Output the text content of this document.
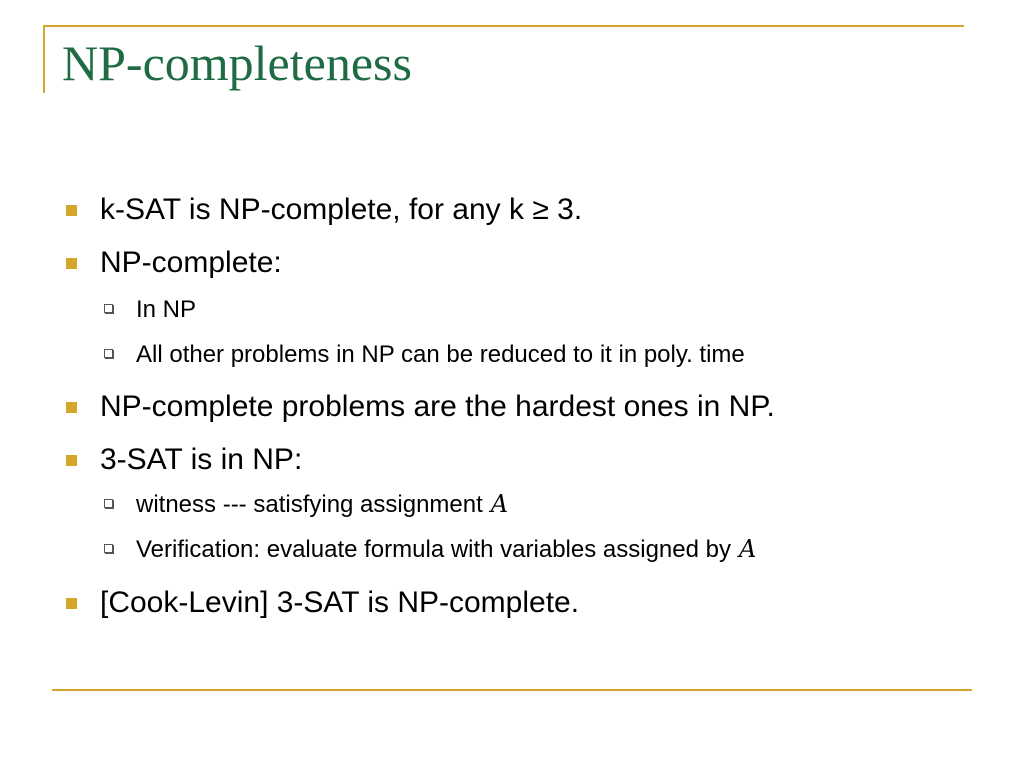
NP-completeness
k-SAT is NP-complete, for any k ≥ 3.
NP-complete:
In NP
All other problems in NP can be reduced to it in poly. time
NP-complete problems are the hardest ones in NP.
3-SAT is in NP:
witness --- satisfying assignment A
Verification: evaluate formula with variables assigned by A
[Cook-Levin] 3-SAT is NP-complete.
